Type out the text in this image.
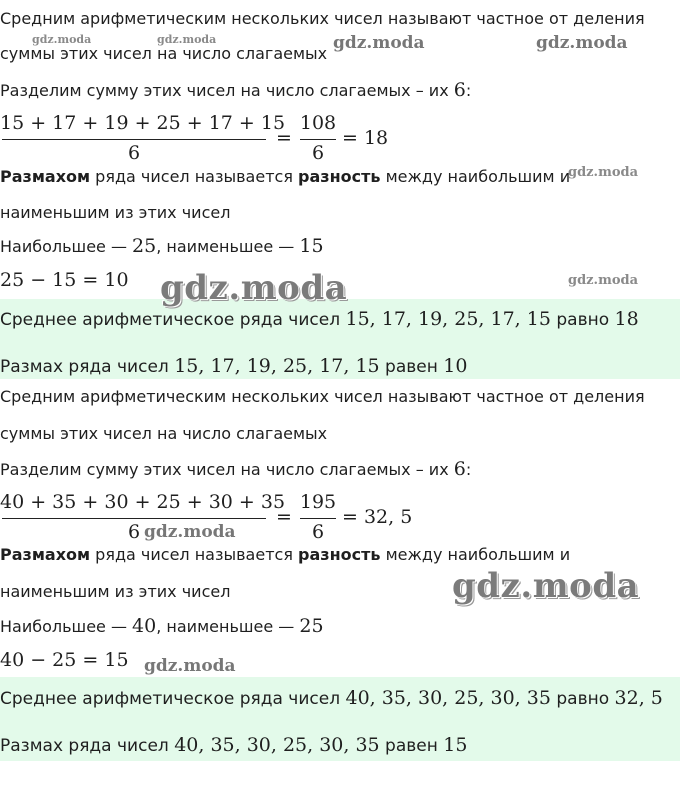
Средним арифметическим нескольких чисел называют частное от деления
суммы этих чисел на число слагаемых
Разделим сумму этих чисел на число слагаемых – их 6:
15 + 17 + 19 + 25 + 17 + 15
6
=
108
6
= 18
Размахом ряда чисел называется разность между наибольшим и
наименьшим из этих чисел
Наибольшее — 25, наименьшее — 15
25 − 15 = 10
Среднее арифметическое ряда чисел 15, 17, 19, 25, 17, 15 равно 18
Размах ряда чисел 15, 17, 19, 25, 17, 15 равен 10
Средним арифметическим нескольких чисел называют частное от деления
суммы этих чисел на число слагаемых
Разделим сумму этих чисел на число слагаемых – их 6:
40 + 35 + 30 + 25 + 30 + 35
6
=
195
6
= 32, 5
Размахом ряда чисел называется разность между наибольшим и
наименьшим из этих чисел
Наибольшее — 40, наименьшее — 25
40 − 25 = 15
Среднее арифметическое ряда чисел 40, 35, 30, 25, 30, 35 равно 32, 5
Размах ряда чисел 40, 35, 30, 25, 30, 35 равен 15
gdz.moda	gdz.moda	gdz.moda	gdz.moda
gdz.moda
gdz.moda	gdz.moda
gdz.moda
gdz.moda
gdz.moda
